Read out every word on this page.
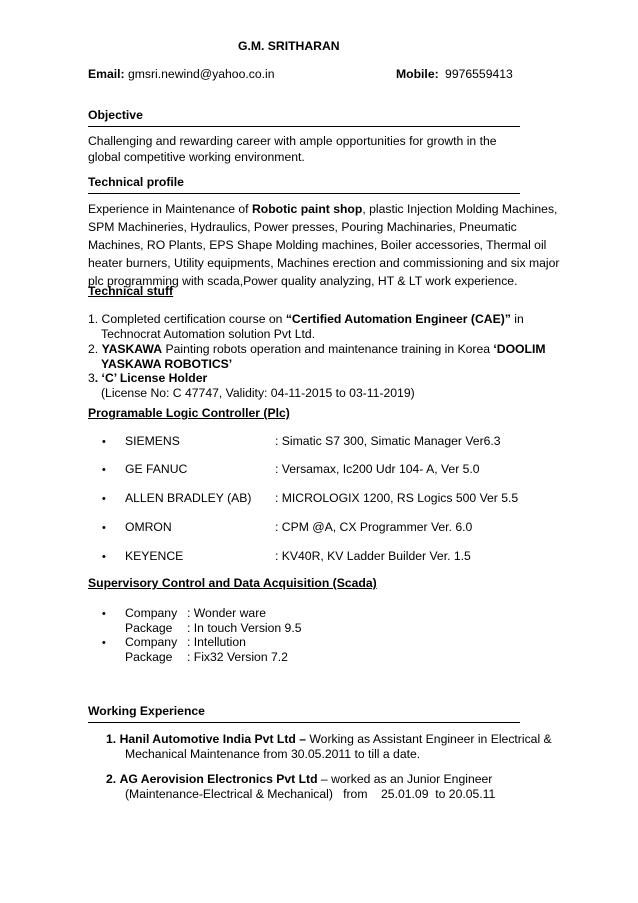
G.M. SRITHARAN
Email: gmsri.newind@yahoo.co.in	Mobile: 9976559413
Objective
Challenging and rewarding career with ample opportunities for growth in the
global competitive working environment.
Technical profile
Experience in Maintenance of Robotic paint shop, plastic Injection Molding Machines,
SPM Machineries, Hydraulics, Power presses, Pouring Machinaries, Pneumatic
Machines, RO Plants, EPS Shape Molding machines, Boiler accessories, Thermal oil
heater burners, Utility equipments, Machines erection and commissioning and six major
plc programming with scada,Power quality analyzing, HT & LT work experience.
Technical stuff
1. Completed certification course on “Certified Automation Engineer (CAE)” in
Technocrat Automation solution Pvt Ltd.
2. YASKAWA Painting robots operation and maintenance training in Korea ‘DOOLIM
YASKAWA ROBOTICS’
3. ‘C’ License Holder
(License No: C 47747, Validity: 04-11-2015 to 03-11-2019)
Programable Logic Controller (Plc)
• SIEMENS	: Simatic S7 300, Simatic Manager Ver6.3
• GE FANUC	: Versamax, Ic200 Udr 104- A, Ver 5.0
• ALLEN BRADLEY (AB) : MICROLOGIX 1200, RS Logics 500 Ver 5.5
• OMRON	: CPM @A, CX Programmer Ver. 6.0
• KEYENCE	: KV40R, KV Ladder Builder Ver. 1.5
Supervisory Control and Data Acquisition (Scada)
• Company : Wonder ware
Package : In touch Version 9.5
• Company : Intellution
Package : Fix32 Version 7.2
Working Experience
1. Hanil Automotive India Pvt Ltd – Working as Assistant Engineer in Electrical &
Mechanical Maintenance from 30.05.2011 to till a date.
2. AG Aerovision Electronics Pvt Ltd – worked as an Junior Engineer
(Maintenance-Electrical & Mechanical)   from    25.01.09  to 20.05.11
